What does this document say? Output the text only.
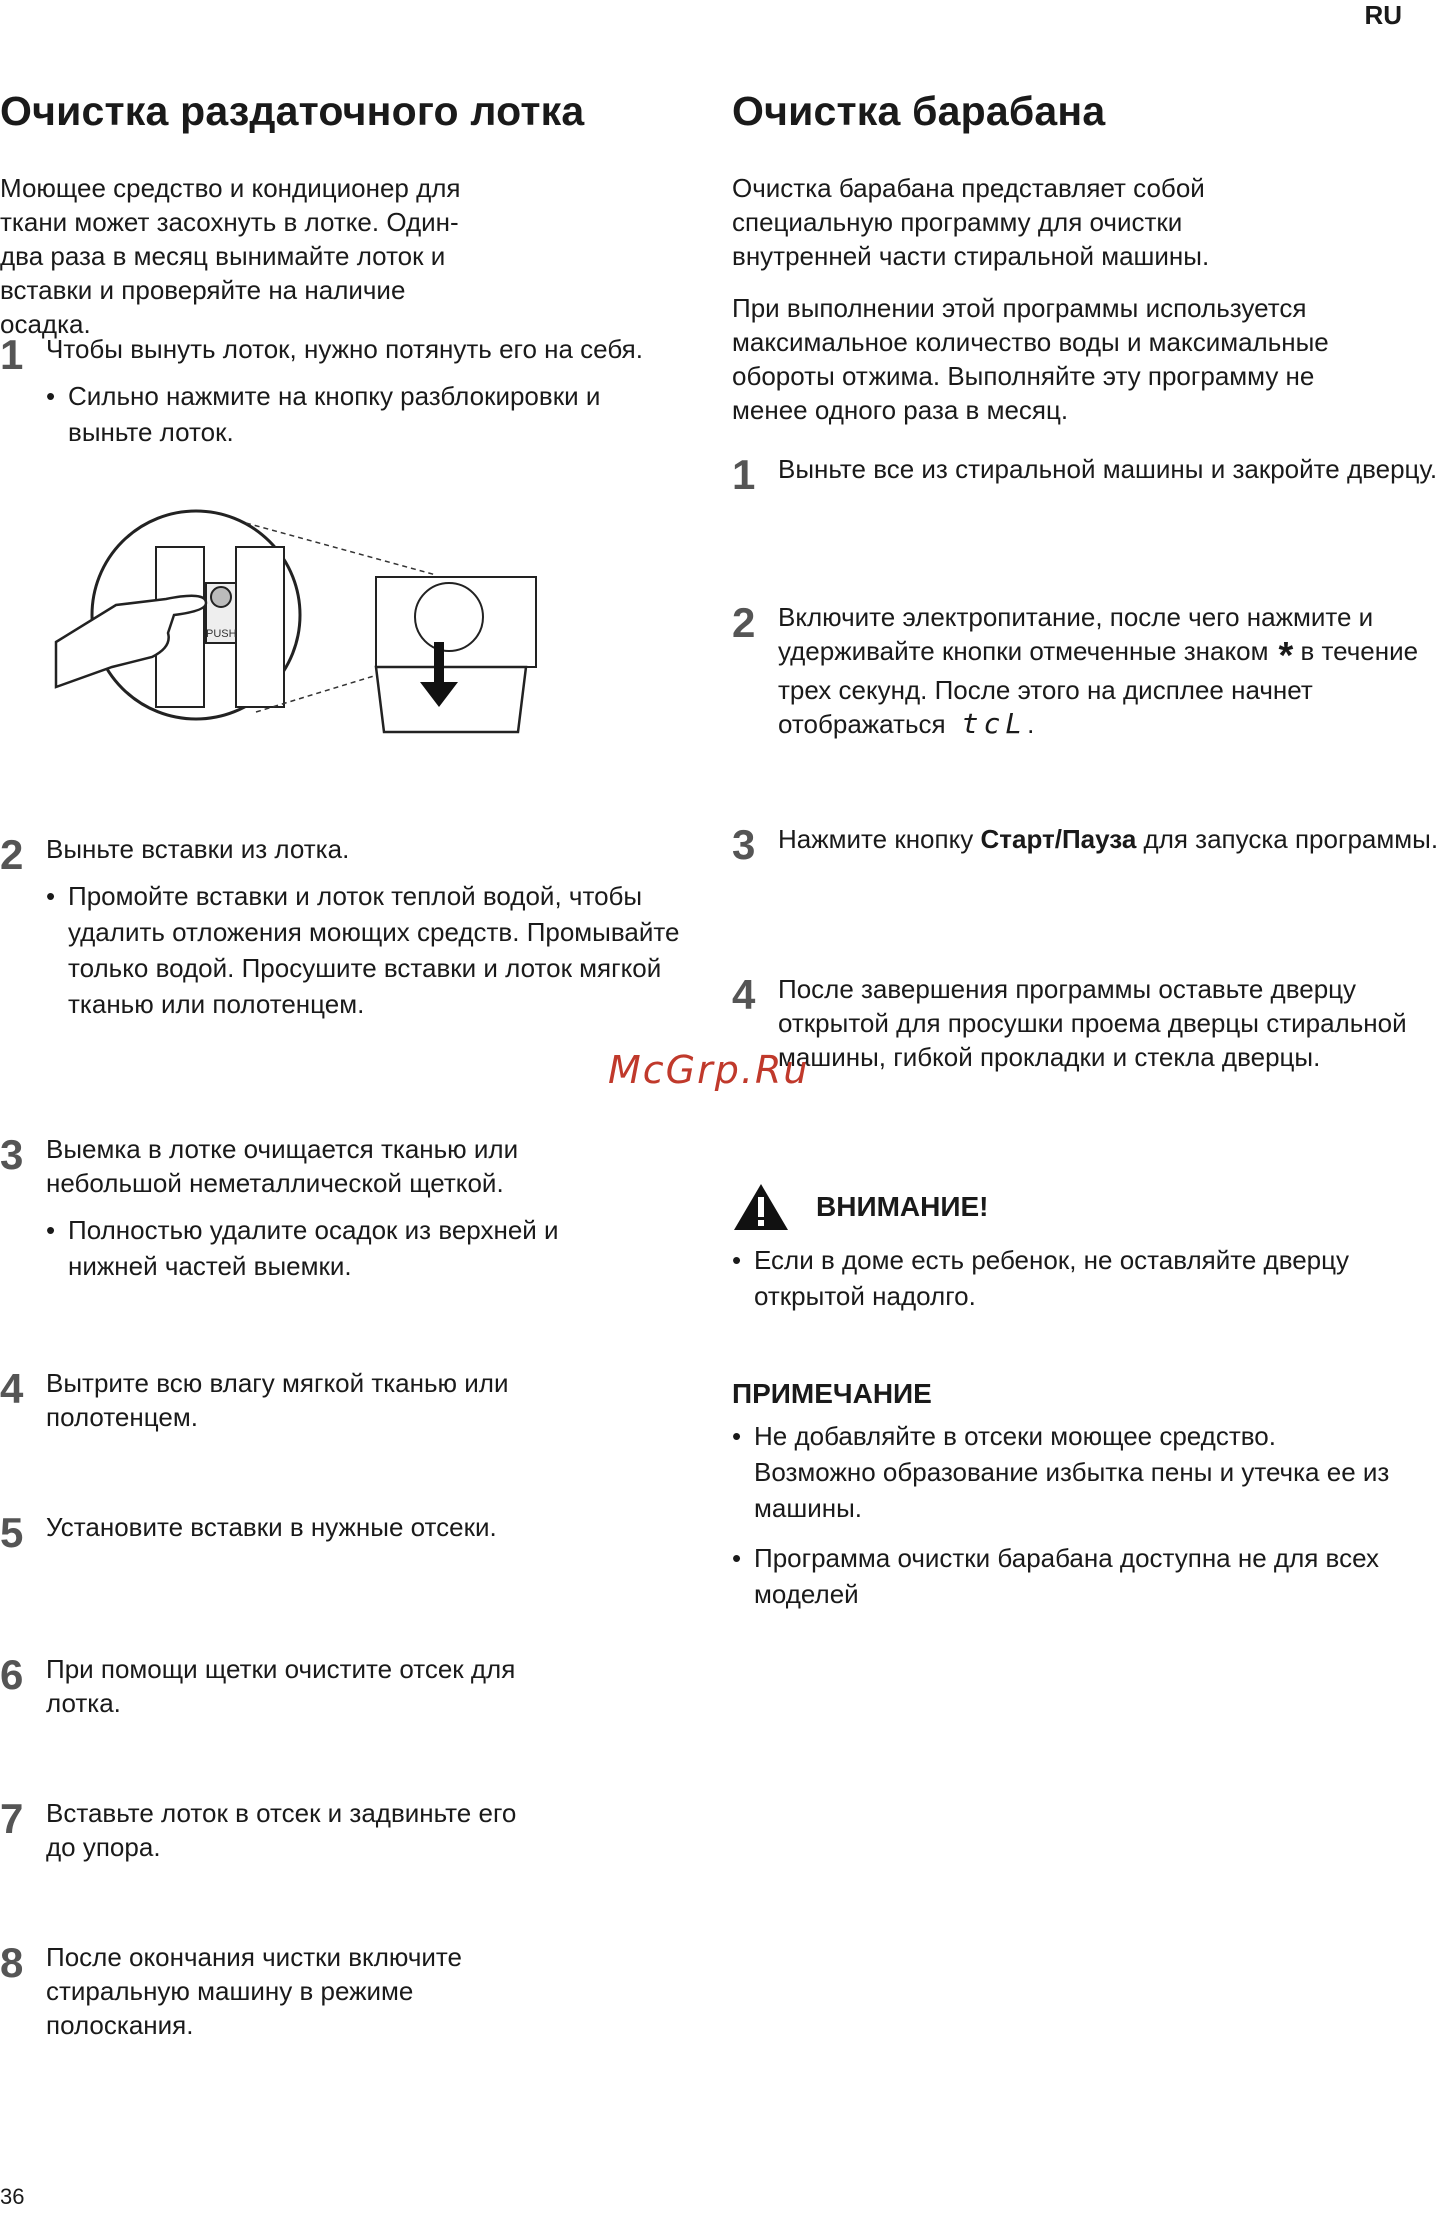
RU
Очистка раздаточного лотка

Моющее средство и кондиционер для ткани может засохнуть в лотке. Один-два раза в месяц вынимайте лоток и вставки и проверяйте на наличие осадка.

1 Чтобы вынуть лоток, нужно потянуть его на себя.

• Сильно нажмите на кнопку разблокировки и выньте лоток.
PUSH
2 Выньте вставки из лотка.

• Промойте вставки и лоток теплой водой, чтобы удалить отложения моющих средств. Промывайте только водой. Просушите вставки и лоток мягкой тканью или полотенцем.
3 Выемка в лотке очищается тканью или небольшой неметаллической щеткой.

• Полностью удалите осадок из верхней и нижней частей выемки.
4 Вытрите всю влагу мягкой тканью или полотенцем.

5 Установите вставки в нужные отсеки.

6 При помощи щетки очистите отсек для лотка.

7 Вставьте лоток в отсек и задвиньте его до упора.

8 После окончания чистки включите стиральную машину в режиме полоскания.

Очистка барабана

Очистка барабана представляет собой специальную программу для очистки внутренней части стиральной машины.

При выполнении этой программы используется максимальное количество воды и максимальные обороты отжима. Выполняйте эту программу не менее одного раза в месяц.

1 Выньте все из стиральной машины и закройте дверцу.

2 Включите электропитание, после чего нажмите и удерживайте кнопки отмеченные знаком * в течение трех секунд. После этого на дисплее начнет отображаться tcL.

3 Нажмите кнопку Старт/Пауза для запуска программы.

4 После завершения программы оставьте дверцу открытой для просушки проема дверцы стиральной машины, гибкой прокладки и стекла дверцы.

ВНИМАНИЕ!
• Если в доме есть ребенок, не оставляйте дверцу открытой надолго.
ПРИМЕЧАНИЕ
• Не добавляйте в отсеки моющее средство. Возможно образование избытка пены и утечка ее из машины.
• Программа очистки барабана доступна не для всех моделей
McGrp.Ru
36
